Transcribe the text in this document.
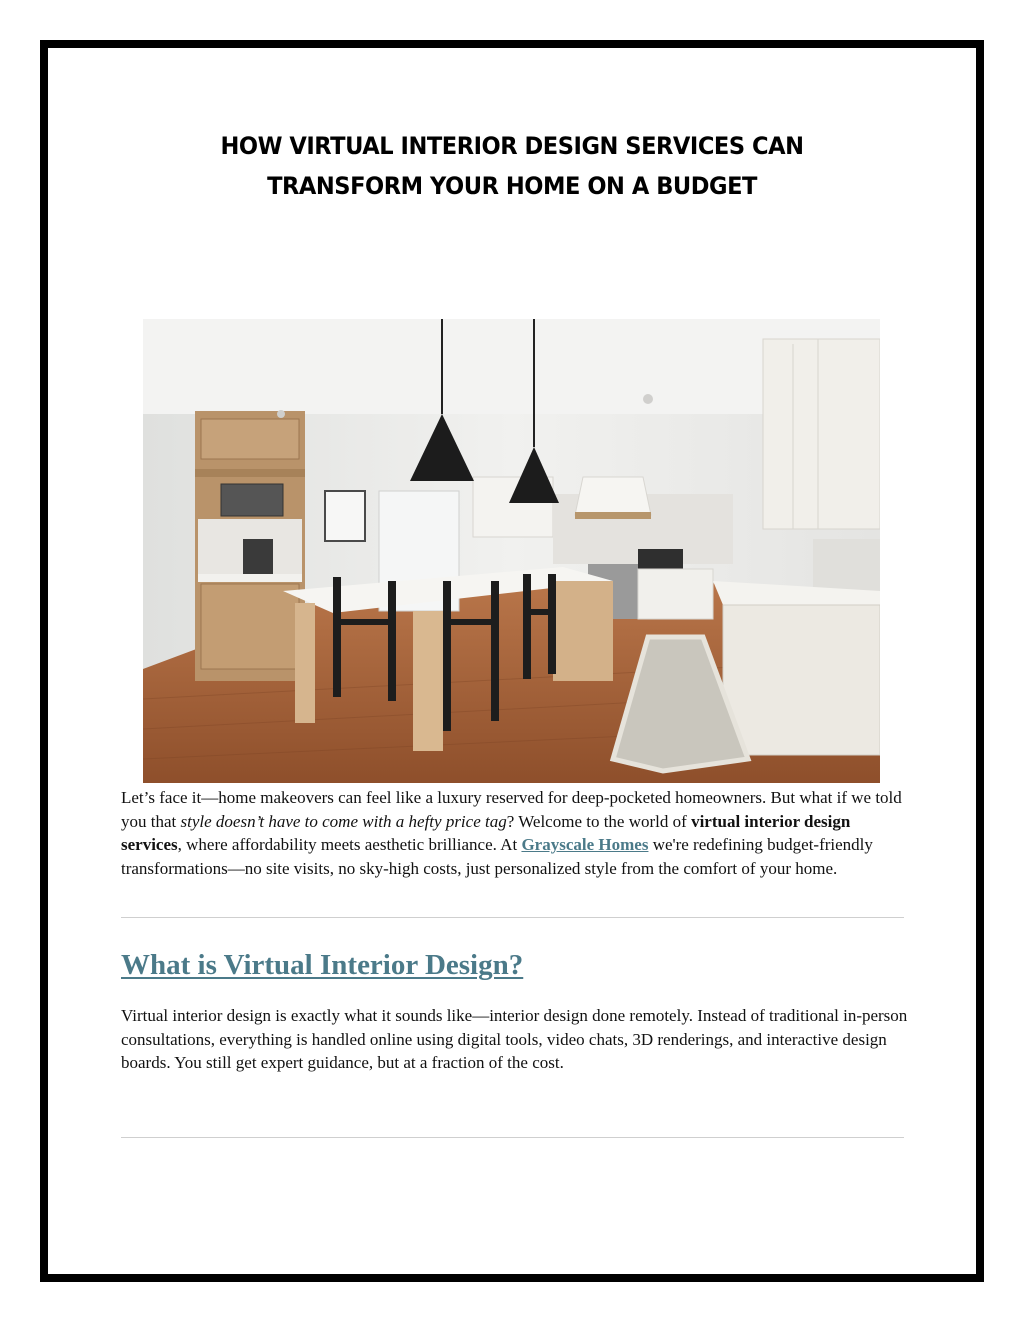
HOW VIRTUAL INTERIOR DESIGN SERVICES CAN
TRANSFORM YOUR HOME ON A BUDGET

Let’s face it—home makeovers can feel like a luxury reserved for deep-pocketed homeowners. But what if we told you that style doesn’t have to come with a hefty price tag? Welcome to the world of virtual interior design services, where affordability meets aesthetic brilliance. At Grayscale Homes we're redefining budget-friendly transformations—no site visits, no sky-high costs, just personalized style from the comfort of your home.

What is Virtual Interior Design?

Virtual interior design is exactly what it sounds like—interior design done remotely. Instead of traditional in-person consultations, everything is handled online using digital tools, video chats, 3D renderings, and interactive design boards. You still get expert guidance, but at a fraction of the cost.
